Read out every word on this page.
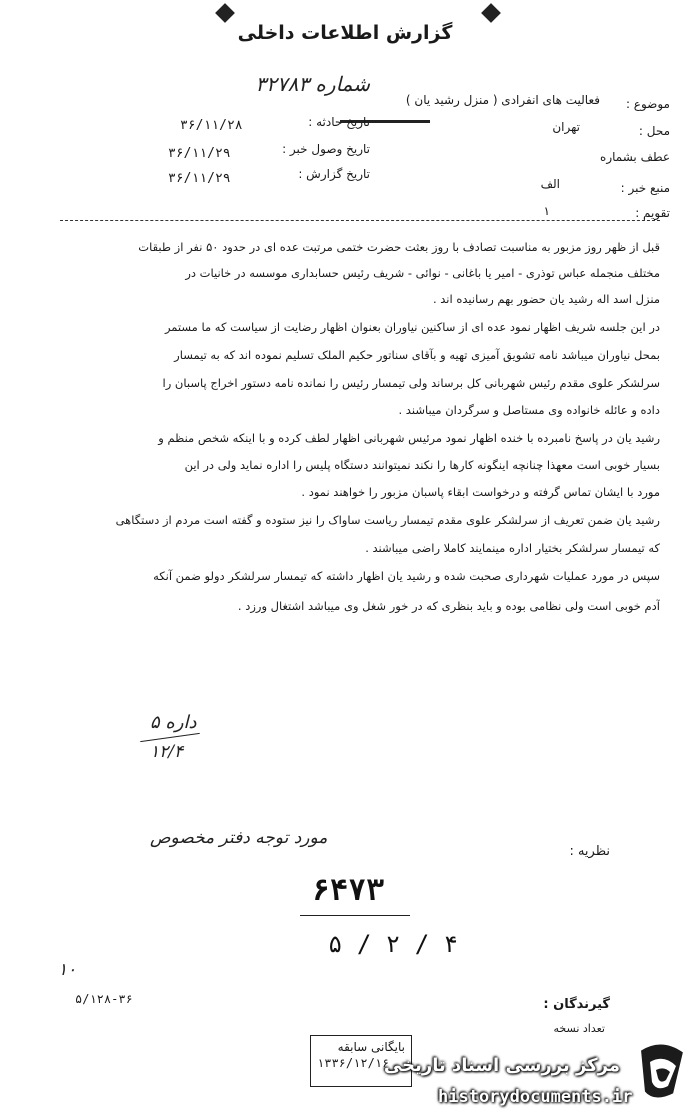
گزارش اطلاعات داخلی
موضوع :
فعالیت های انفرادی ( منزل رشید یان )
شماره ۳۲۷۸۳
محل :
تهران
عطف بشماره
تاریخ حادثه :
۳۶/۱۱/۲۸
تاریخ وصول خبر :
۳۶/۱۱/۲۹
تاریخ گزارش :
۳۶/۱۱/۲۹
منبع خبر :
الف
تقویم :
۱
قبل از ظهر روز مزبور به مناسبت تصادف با روز بعثت حضرت ختمی مرتبت عده ای در حدود ۵۰ نفر از طبقات
مختلف منجمله عباس توذری - امیر یا باغانی - نوائی - شریف رئیس حسابداری موسسه در خانیات در
منزل اسد اله رشید یان حضور بهم رسانیده اند .
در این جلسه شریف اظهار نمود عده ای از ساکنین نیاوران بعنوان اظهار رضایت از سیاست که ما مستمر
بمحل نیاوران میباشد نامه تشویق آمیزی تهیه و بآقای سناتور حکیم الملک تسلیم نموده اند که به تیمسار
سرلشکر علوی مقدم رئیس شهربانی کل برساند ولی تیمسار رئیس را نمانده نامه دستور اخراج پاسبان را
داده و عائله خانواده وی مستاصل و سرگردان میباشند .
رشید یان در پاسخ نامبرده با خنده اظهار نمود مرئیس شهربانی اظهار لطف کرده و با اینکه شخص منظم و
بسیار خوبی است معهذا چنانچه اینگونه کارها را نکند نمیتوانند دستگاه پلیس را اداره نماید ولی در این
مورد با ایشان تماس گرفته و درخواست ابقاء پاسبان مزبور را خواهند نمود .
رشید یان ضمن تعریف از سرلشکر علوی مقدم تیمسار ریاست ساواک را نیز ستوده و گفته است مردم از دستگاهی
که تیمسار سرلشکر بختیار اداره مینمایند کاملا راضی میباشند .
سپس در مورد عملیات شهرداری صحبت شده و رشید یان اظهار داشته که تیمسار سرلشکر دولو ضمن آنکه
آدم خوبی است ولی نظامی بوده و باید بنظری که در خور شغل وی میباشد اشتغال ورزد .
داره ۵
۱۲/۴
نظریه :
مورد توجه دفتر مخصوص
۶۴۷۳
۵ / ۲ / ۴
۱۰
۵/۱۲۸-۳۶	گیرندگان :
تعداد نسخه
بایگانی سابقه
۱۳۳۶/۱۲/۱۶
مرکز بررسی اسناد تاریخی
historydocuments.ir
